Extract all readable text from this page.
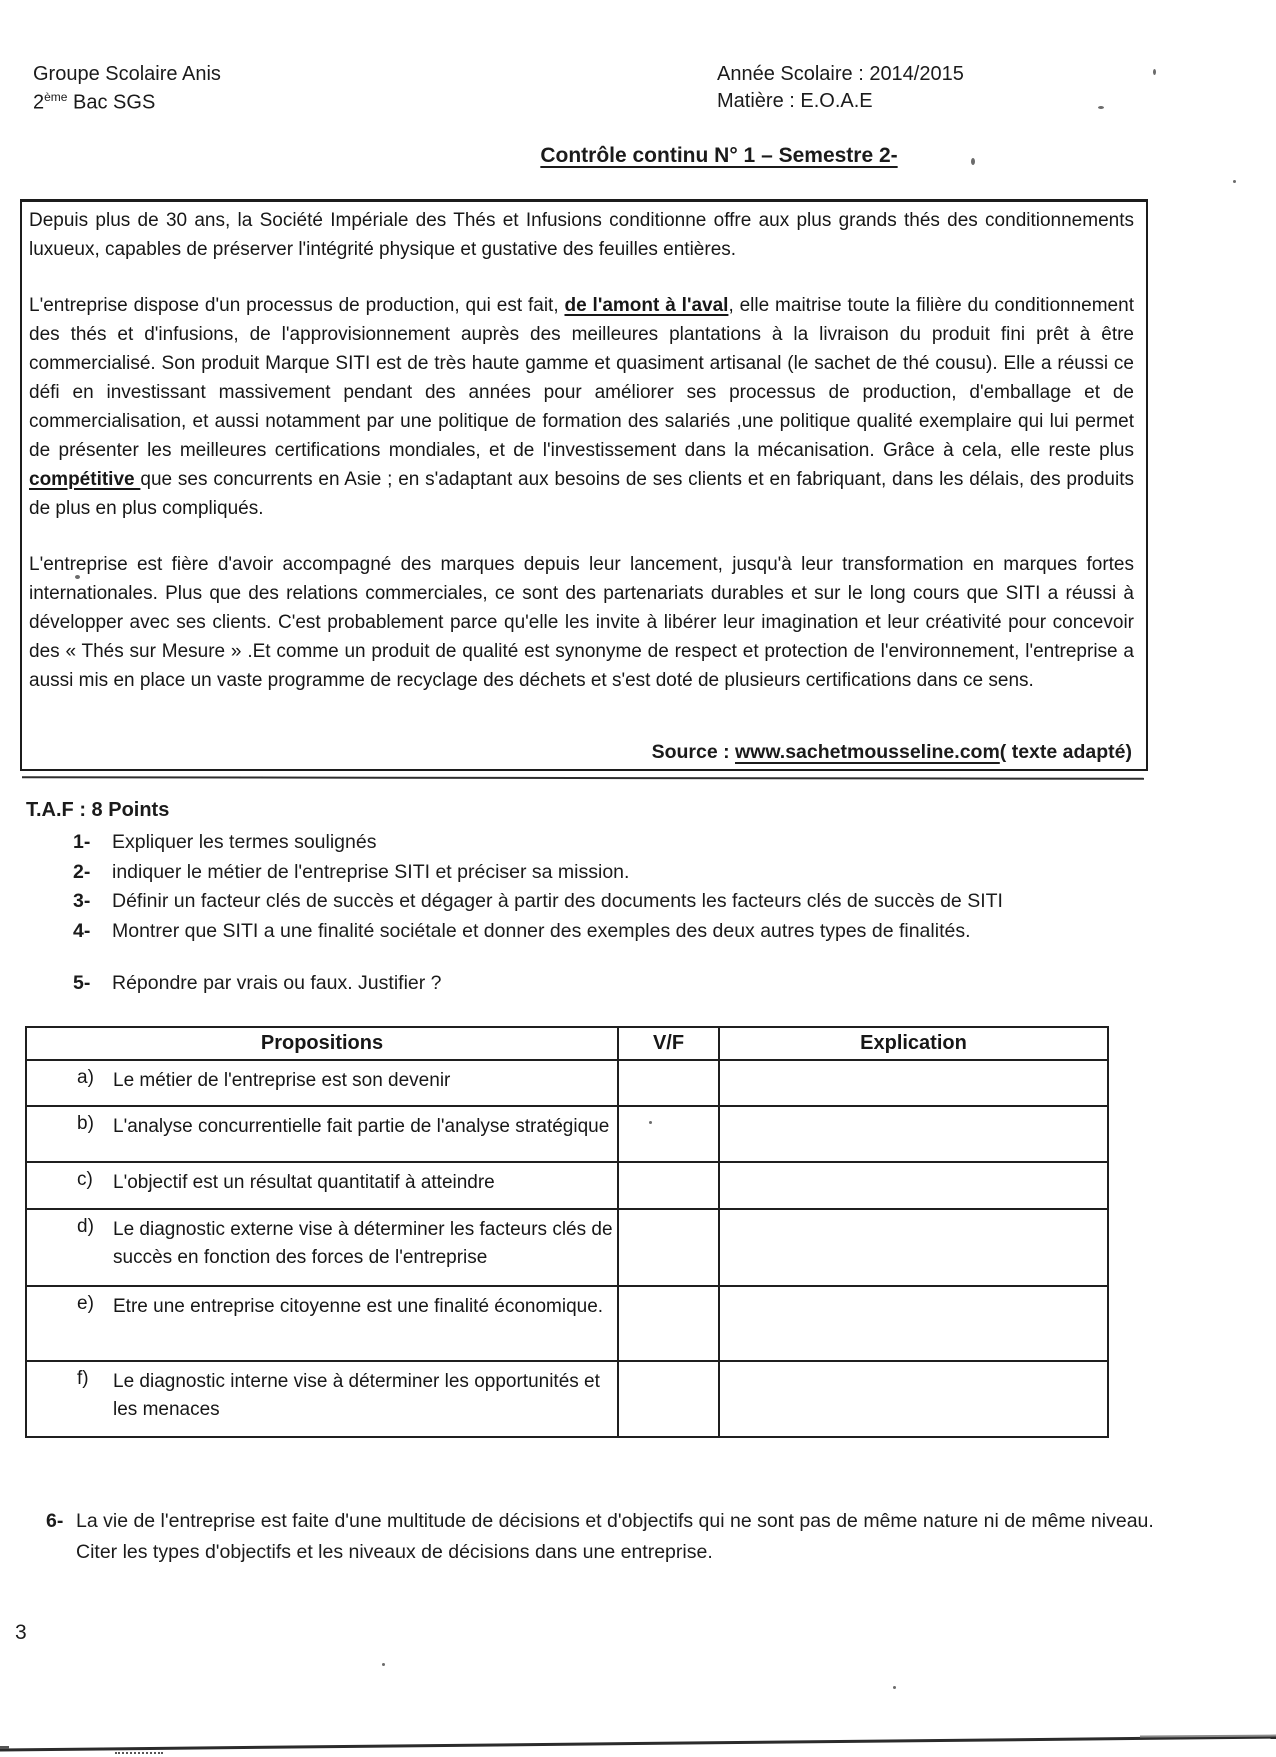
Groupe Scolaire Anis
2ème Bac SGS
Année Scolaire : 2014/2015
Matière : E.O.A.E
Contrôle continu N° 1 – Semestre 2-

Depuis plus de 30 ans, la Société Impériale des Thés et Infusions conditionne offre aux plus grands thés des conditionnements luxueux, capables de préserver l'intégrité physique et gustative des feuilles entières.

L'entreprise dispose d'un processus de production, qui est fait, de l'amont à l'aval, elle maitrise toute la filière du conditionnement des thés et d'infusions, de l'approvisionnement auprès des meilleures plantations à la livraison du produit fini prêt à être commercialisé. Son produit Marque SITI est de très haute gamme et quasiment artisanal (le sachet de thé cousu). Elle a réussi ce défi en investissant massivement pendant des années pour améliorer ses processus de production, d'emballage et de commercialisation, et aussi notamment par une politique de formation des salariés ,une politique qualité exemplaire qui lui permet de présenter les meilleures certifications mondiales, et de l'investissement dans la mécanisation. Grâce à cela, elle reste plus compétitive que ses concurrents en Asie ; en s'adaptant aux besoins de ses clients et en fabriquant, dans les délais, des produits de plus en plus compliqués.

L'entreprise est fière d'avoir accompagné des marques depuis leur lancement, jusqu'à leur transformation en marques fortes internationales. Plus que des relations commerciales, ce sont des partenariats durables et sur le long cours que SITI a réussi à développer avec ses clients. C'est probablement parce qu'elle les invite à libérer leur imagination et leur créativité pour concevoir des « Thés sur Mesure » .Et comme un produit de qualité est synonyme de respect et protection de l'environnement, l'entreprise a aussi mis en place un vaste programme de recyclage des déchets et s'est doté de plusieurs certifications dans ce sens.

Source : www.sachetmousseline.com( texte adapté)
T.A.F : 8 Points
1-	Expliquer les termes soulignés
2-	indiquer le métier de l'entreprise SITI et préciser sa mission.
3-	Définir un facteur clés de succès et dégager à partir des documents les facteurs clés de succès de SITI
4-	Montrer que SITI a une finalité sociétale et donner des exemples des deux autres types de finalités.
5-	Répondre par vrais ou faux. Justifier ?
Propositions	V/F	Explication

a) Le métier de l'entreprise est son devenir		

b) L'analyse concurrentielle fait partie de l'analyse stratégique		

c) L'objectif est un résultat quantitatif à atteindre		

d) Le diagnostic externe vise à déterminer les facteurs clés de succès en fonction des forces de l'entreprise		

e) Etre une entreprise citoyenne est une finalité économique.		

f) Le diagnostic interne vise à déterminer les opportunités et les menaces		

6- La vie de l'entreprise est faite d'une multitude de décisions et d'objectifs qui ne sont pas de même nature ni de même niveau. Citer les types d'objectifs et les niveaux de décisions dans une entreprise.
3
